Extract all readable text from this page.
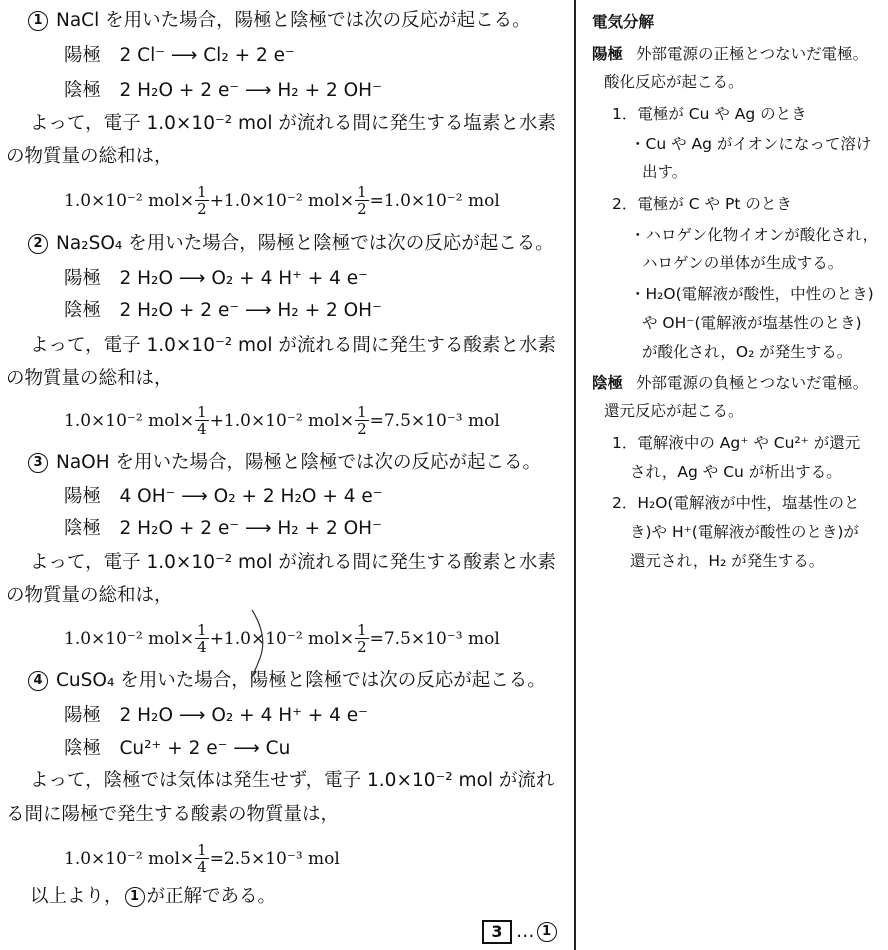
1 NaCl を用いた場合，陽極と陰極では次の反応が起こる。
陽極　2 Cl⁻ ⟶ Cl₂ + 2 e⁻
陰極　2 H₂O + 2 e⁻ ⟶ H₂ + 2 OH⁻
よって，電子 1.0×10⁻² mol が流れる間に発生する塩素と水素
の物質量の総和は，
1.0×10⁻² $mol\times \frac{1}{2} +1.0\times 10^{-2}$ $mol\times \frac{1}{2} =1.0\times 10^{-2}$ mol
2 Na₂SO₄ を用いた場合，陽極と陰極では次の反応が起こる。
陽極　2 H₂O ⟶ O₂ + 4 H⁺ + 4 e⁻
陰極　2 H₂O + 2 e⁻ ⟶ H₂ + 2 OH⁻
よって，電子 1.0×10⁻² mol が流れる間に発生する酸素と水素
の物質量の総和は，
1.0×10⁻² $mol\times \frac{1}{4} +1.0\times 10^{-2}$ $mol\times \frac{1}{2} =7.5\times 10^{-3}$ mol
3 NaOH を用いた場合，陽極と陰極では次の反応が起こる。
陽極　4 OH⁻ ⟶ O₂ + 2 H₂O + 4 e⁻
陰極　2 H₂O + 2 e⁻ ⟶ H₂ + 2 OH⁻
よって，電子 1.0×10⁻² mol が流れる間に発生する酸素と水素
の物質量の総和は，
1.0×10⁻² $mol\times \frac{1}{4} +1.0\times 10^{-2}$ $mol\times \frac{1}{2} =7.5\times 10^{-3}$ mol
4 CuSO₄ を用いた場合，陽極と陰極では次の反応が起こる。
陽極　2 H₂O ⟶ O₂ + 4 H⁺ + 4 e⁻
陰極　Cu²⁺ + 2 e⁻ ⟶ Cu
よって，陰極では気体は発生せず，電子 1.0×10⁻² mol が流れ
る間に陽極で発生する酸素の物質量は，
1.0×10⁻² $mol\times \frac{1}{4} =2.5\times 10^{-3}$ mol
以上より， 1 が正解である。
3 … 1
電気分解
陽極 外部電源の正極とつないだ電極。
酸化反応が起こる。
1．電極が Cu や Ag のとき
・Cu や Ag がイオンになって溶け
出す。
2．電極が C や Pt のとき
・ハロゲン化物イオンが酸化され，
ハロゲンの単体が生成する。
・H₂O(電解液が酸性，中性のとき)
や OH⁻(電解液が塩基性のとき)
が酸化され，O₂ が発生する。
陰極 外部電源の負極とつないだ電極。
還元反応が起こる。
1．電解液中の Ag⁺ や Cu²⁺ が還元
され，Ag や Cu が析出する。
2．H₂O(電解液が中性，塩基性のと
き)や H⁺(電解液が酸性のとき)が
還元され，H₂ が発生する。
